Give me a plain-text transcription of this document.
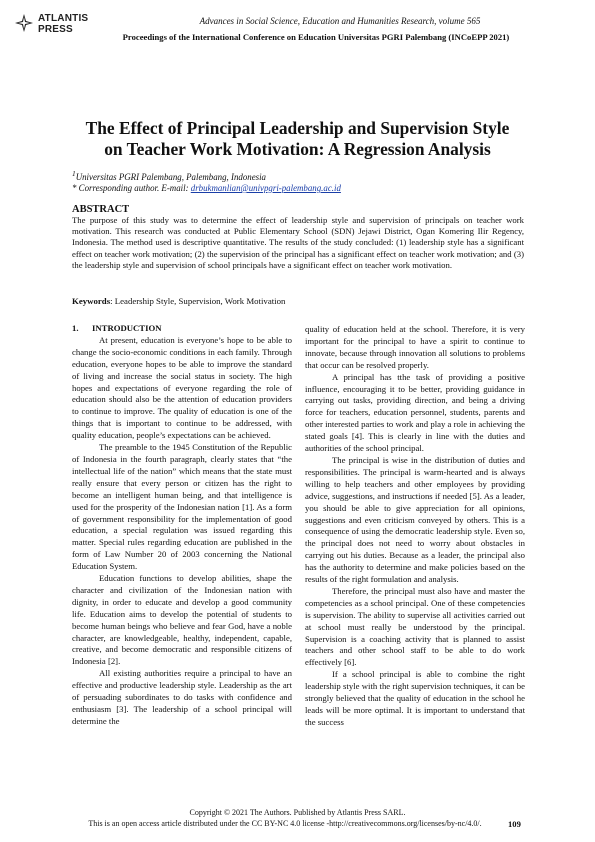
ATLANTIS
PRESS
Advances in Social Science, Education and Humanities Research, volume 565
Proceedings of the International Conference on Education Universitas PGRI Palembang (INCoEPP 2021)
The Effect of Principal Leadership and Supervision Style
on Teacher Work Motivation: A Regression Analysis
$^1$Universitas PGRI Palembang, Palembang, Indonesia
* Corresponding author. E-mail: drbukmanlian@univpgri-palembang.ac.id
ABSTRACT
The purpose of this study was to determine the effect of leadership style and supervision of principals on teacher work motivation. This research was conducted at Public Elementary School (SDN) Jejawi District, Ogan Komering Ilir Regency, Indonesia. The method used is descriptive quantitative. The results of the study concluded: (1) leadership style has a significant effect on teacher work motivation; (2) the supervision of the principal has a significant effect on teacher work motivation; and (3) the leadership style and supervision of school principals have a significant effect on teacher work motivation.
Keywords: Leadership Style, Supervision, Work Motivation

1. INTRODUCTION

At present, education is everyone’s hope to be able to change the socio-economic conditions in each family. Through education, everyone hopes to be able to improve the standard of living and increase the social status in society. The high hopes and expectations of everyone regarding the role of education should also be the attention of education providers to continue to improve. The quality of education is one of the things that is important to continue to be addressed, with quality education, people’s expectations can be achieved.

The preamble to the 1945 Constitution of the Republic of Indonesia in the fourth paragraph, clearly states that “the intellectual life of the nation” which means that the state must really ensure that every person or citizen has the right to become an intelligent human being, and that intelligence is used for the prosperity of the Indonesian nation [1]. As a form of government responsibility for the implementation of good education, a special regulation was issued regarding this matter. Special rules regarding education are published in the form of Law Number 20 of 2003 concerning the National Education System.

Education functions to develop abilities, shape the character and civilization of the Indonesian nation with dignity, in order to educate and develop a good community life. Education aims to develop the potential of students to become human beings who believe and fear God, have a noble character, are knowledgeable, healthy, independent, capable, creative, and become democratic and responsible citizens of Indonesia [2].

All existing authorities require a principal to have an effective and productive leadership style. Leadership as the art of persuading subordinates to do tasks with confidence and enthusiasm [3]. The leadership of a school principal will determine the

quality of education held at the school. Therefore, it is very important for the principal to have a spirit to continue to innovate, because through innovation all solutions to problems that occur can be resolved properly.

A principal has tthe task of providing a positive influence, encouraging it to be better, providing guidance in carrying out tasks, providing direction, and being a driving force for teachers, education personnel, students, parents and other interested parties to work and play a role in achieving the stated goals [4]. This is clearly in line with the duties and authorities of the school principal.

The principal is wise in the distribution of duties and responsibilities. The principal is warm-hearted and is always willing to help teachers and other employees by providing advice, suggestions, and instructions if needed [5]. As a leader, you should be able to give appreciation for all opinions, suggestions and even criticism conveyed by others. This is a consequence of using the democratic leadership style. Even so, the principal does not need to worry about obstacles in carrying out his duties. Because as a leader, the principal also has the authority to determine and make policies based on the results of the right formulation and analysis.

Therefore, the principal must also have and master the competencies as a school principal. One of these competencies is supervision. The ability to supervise all activities carried out at school must really be understood by the principal. Supervision is a coaching activity that is planned to assist teachers and other school staff to be able to do work effectively [6].

If a school principal is able to combine the right leadership style with the right supervision techniques, it can be strongly believed that the quality of education in the school he leads will be more optimal. It is important to understand that the success

Copyright © 2021 The Authors. Published by Atlantis Press SARL.
This is an open access article distributed under the CC BY-NC 4.0 license -http://creativecommons.org/licenses/by-nc/4.0/.	109
